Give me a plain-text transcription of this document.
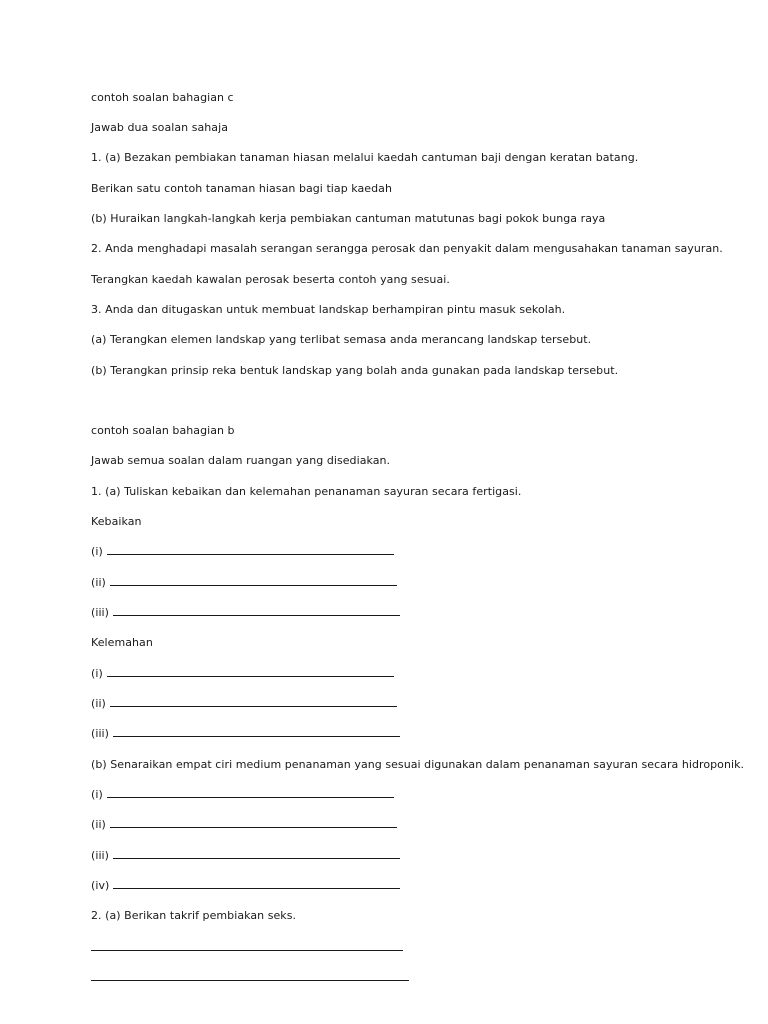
contoh soalan bahagian c
Jawab dua soalan sahaja
1. (a) Bezakan pembiakan tanaman hiasan melalui kaedah cantuman baji dengan keratan batang.
Berikan satu contoh tanaman hiasan bagi tiap kaedah
(b) Huraikan langkah-langkah kerja pembiakan cantuman matutunas bagi pokok bunga raya
2. Anda menghadapi masalah serangan serangga perosak dan penyakit dalam mengusahakan tanaman sayuran.
Terangkan kaedah kawalan perosak beserta contoh yang sesuai.
3. Anda dan ditugaskan untuk membuat landskap berhampiran pintu masuk sekolah.
(a) Terangkan elemen landskap yang terlibat semasa anda merancang landskap tersebut.
(b) Terangkan prinsip reka bentuk landskap yang bolah anda gunakan pada landskap tersebut.
contoh soalan bahagian b
Jawab semua soalan dalam ruangan yang disediakan.
1. (a) Tuliskan kebaikan dan kelemahan penanaman sayuran secara fertigasi.
Kebaikan
(i)
(ii)
(iii)
Kelemahan
(i)
(ii)
(iii)
(b) Senaraikan empat ciri medium penanaman yang sesuai digunakan dalam penanaman sayuran secara hidroponik.
(i)
(ii)
(iii)
(iv)
2. (a) Berikan takrif pembiakan seks.
